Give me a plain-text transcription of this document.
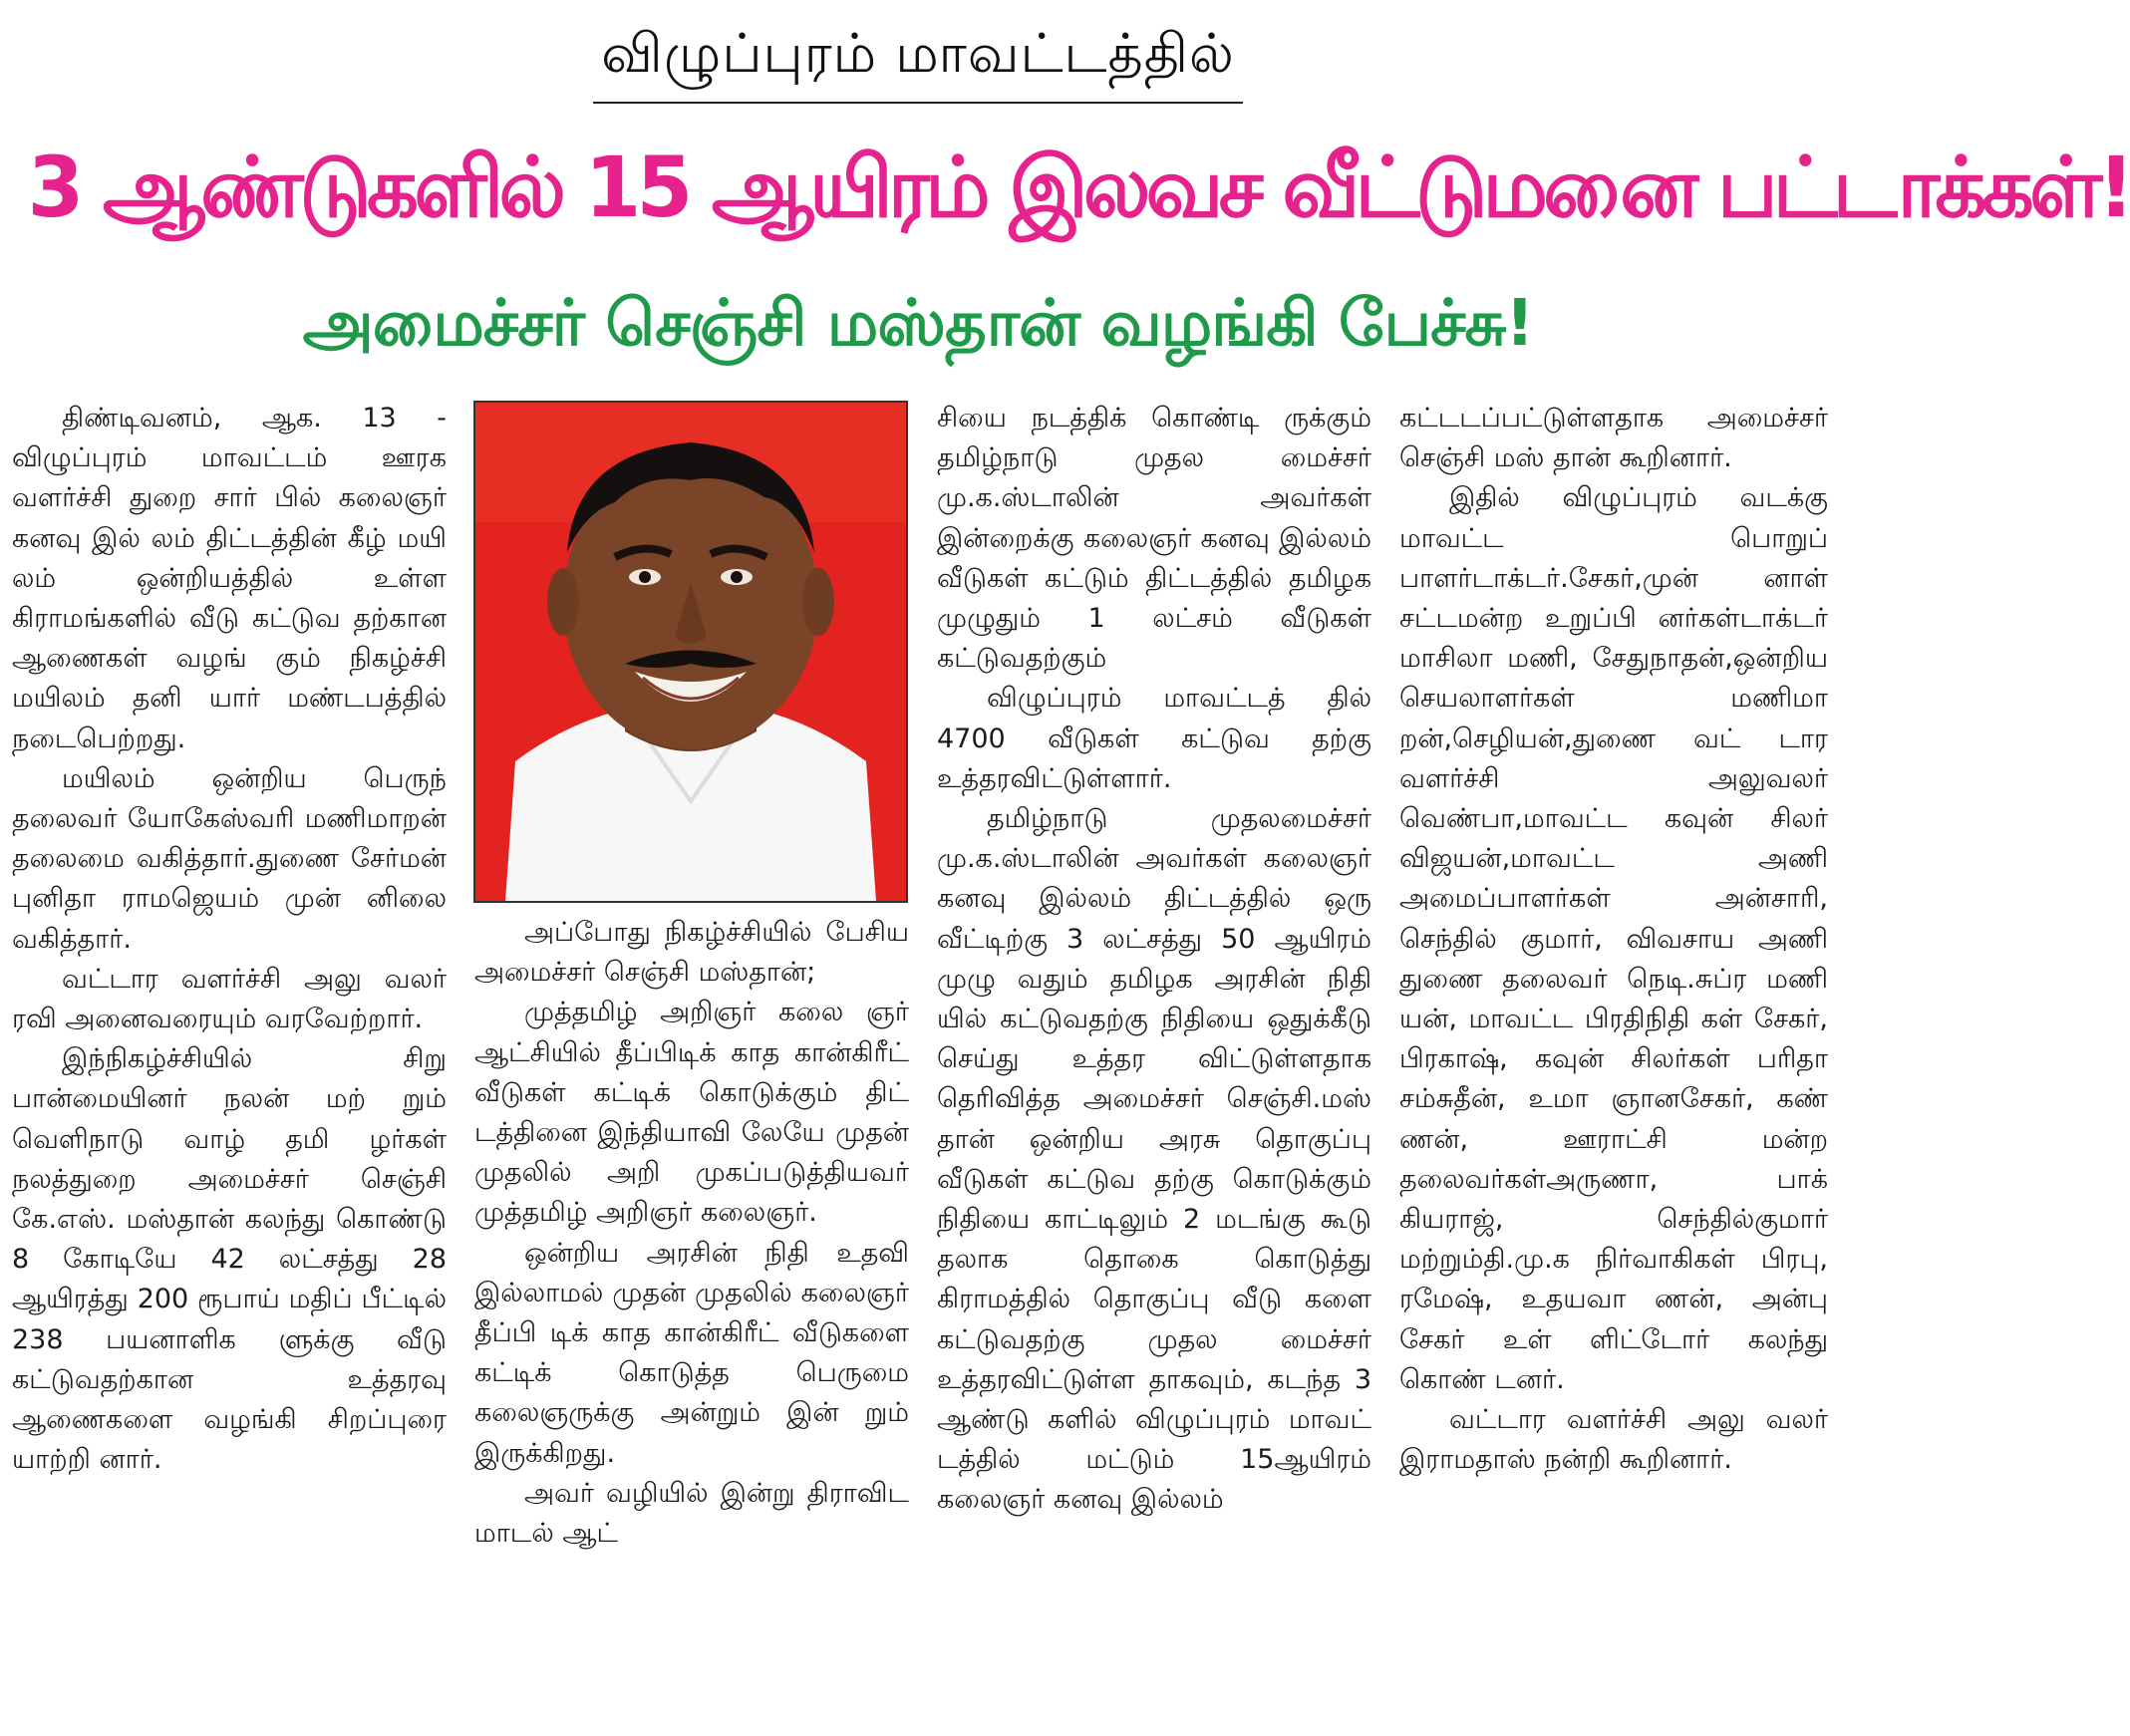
விழுப்புரம் மாவட்டத்தில்
3 ஆண்டுகளில் 15 ஆயிரம் இலவச வீட்டுமனை பட்டாக்கள்!
அமைச்சர் செஞ்சி மஸ்தான் வழங்கி பேச்சு!

திண்டிவனம், ஆக. 13 - விழுப்புரம் மாவட்டம் ஊரக வளர்ச்சி துறை சார் பில் கலைஞர் கனவு இல் லம் திட்டத்தின் கீழ் மயி லம் ஒன்றியத்தில் உள்ள கிராமங்களில் வீடு கட்டுவ தற்கான ஆணைகள் வழங் கும் நிகழ்ச்சி மயிலம் தனி யார் மண்டபத்தில் நடைபெற்றது.

மயிலம் ஒன்றிய பெருந் தலைவர் யோகேஸ்வரி மணிமாறன் தலைமை வகித்தார்.துணை சேர்மன் புனிதா ராமஜெயம் முன் னிலை வகித்தார்.

வட்டார வளர்ச்சி அலு வலர் ரவி அனைவரையும் வரவேற்றார்.

இந்நிகழ்ச்சியில் சிறு பான்மையினர் நலன் மற் றும் வெளிநாடு வாழ் தமி ழர்கள் நலத்துறை அமைச்சர் செஞ்சி கே.எஸ். மஸ்தான் கலந்து கொண்டு 8 கோடியே 42 லட்சத்து 28 ஆயிரத்து 200 ரூபாய் மதிப் பீட்டில் 238 பயனாளிக ளுக்கு வீடு கட்டுவதற்கான உத்தரவு ஆணைகளை வழங்கி சிறப்புரை யாற்றி னார்.

அப்போது நிகழ்ச்சியில் பேசிய அமைச்சர் செஞ்சி மஸ்தான்;

முத்தமிழ் அறிஞர் கலை ஞர் ஆட்சியில் தீப்பிடிக் காத கான்கிரீட் வீடுகள் கட்டிக் கொடுக்கும் திட் டத்தினை இந்தியாவி லேயே முதன் முதலில் அறி முகப்படுத்தியவர் முத்தமிழ் அறிஞர் கலைஞர்.

ஒன்றிய அரசின் நிதி உதவி இல்லாமல் முதன் முதலில் கலைஞர் தீப்பி டிக் காத கான்கிரீட் வீடுகளை கட்டிக் கொடுத்த பெருமை கலைஞருக்கு அன்றும் இன் றும் இருக்கிறது.

அவர் வழியில் இன்று திராவிட மாடல் ஆட்

சியை நடத்திக் கொண்டி ருக்கும் தமிழ்நாடு முதல மைச்சர் மு.க.ஸ்டாலின் அவர்கள் இன்றைக்கு கலைஞர் கனவு இல்லம் வீடுகள் கட்டும் திட்டத்தில் தமிழக முழுதும் 1 லட்சம் வீடுகள் கட்டுவதற்கும்

விழுப்புரம் மாவட்டத் தில் 4700 வீடுகள் கட்டுவ தற்கு உத்தரவிட்டுள்ளார்.

தமிழ்நாடு முதலமைச்சர் மு.க.ஸ்டாலின் அவர்கள் கலைஞர் கனவு இல்லம் திட்டத்தில் ஒரு வீட்டிற்கு 3 லட்சத்து 50 ஆயிரம் முழு வதும் தமிழக அரசின் நிதி யில் கட்டுவதற்கு நிதியை ஒதுக்கீடு செய்து உத்தர விட்டுள்ளதாக தெரிவித்த அமைச்சர் செஞ்சி.மஸ் தான் ஒன்றிய அரசு தொகுப்பு வீடுகள் கட்டுவ தற்கு கொடுக்கும் நிதியை காட்டிலும் 2 மடங்கு கூடு தலாக தொகை கொடுத்து கிராமத்தில் தொகுப்பு வீடு களை கட்டுவதற்கு முதல மைச்சர் உத்தரவிட்டுள்ள தாகவும், கடந்த 3 ஆண்டு களில் விழுப்புரம் மாவட் டத்தில் மட்டும் 15ஆயிரம் கலைஞர் கனவு இல்லம்

கட்டடப்பட்டுள்ளதாக அமைச்சர் செஞ்சி மஸ் தான் கூறினார்.

இதில் விழுப்புரம் வடக்கு மாவட்ட பொறுப் பாளர்டாக்டர்.சேகர்,முன் னாள் சட்டமன்ற உறுப்பி னர்கள்டாக்டர் மாசிலா மணி, சேதுநாதன்,ஒன்றிய செயலாளர்கள் மணிமா றன்,செழியன்,துணை வட் டார வளர்ச்சி அலுவலர் வெண்பா,மாவட்ட கவுன் சிலர் விஜயன்,மாவட்ட அணி அமைப்பாளர்கள் அன்சாரி, செந்தில் குமார், விவசாய அணி துணை தலைவர் நெடி.சுப்ர மணி யன், மாவட்ட பிரதிநிதி கள் சேகர், பிரகாஷ், கவுன் சிலர்கள் பரிதா சம்சுதீன், உமா ஞானசேகர், கண் ணன், ஊராட்சி மன்ற தலைவர்கள்அருணா, பாக் கியராஜ், செந்தில்குமார் மற்றும்தி.மு.க நிர்வாகிகள் பிரபு, ரமேஷ், உதயவா ணன், அன்பு சேகர் உள் ளிட்டோர் கலந்து கொண் டனர்.

வட்டார வளர்ச்சி அலு வலர் இராமதாஸ் நன்றி கூறினார்.
